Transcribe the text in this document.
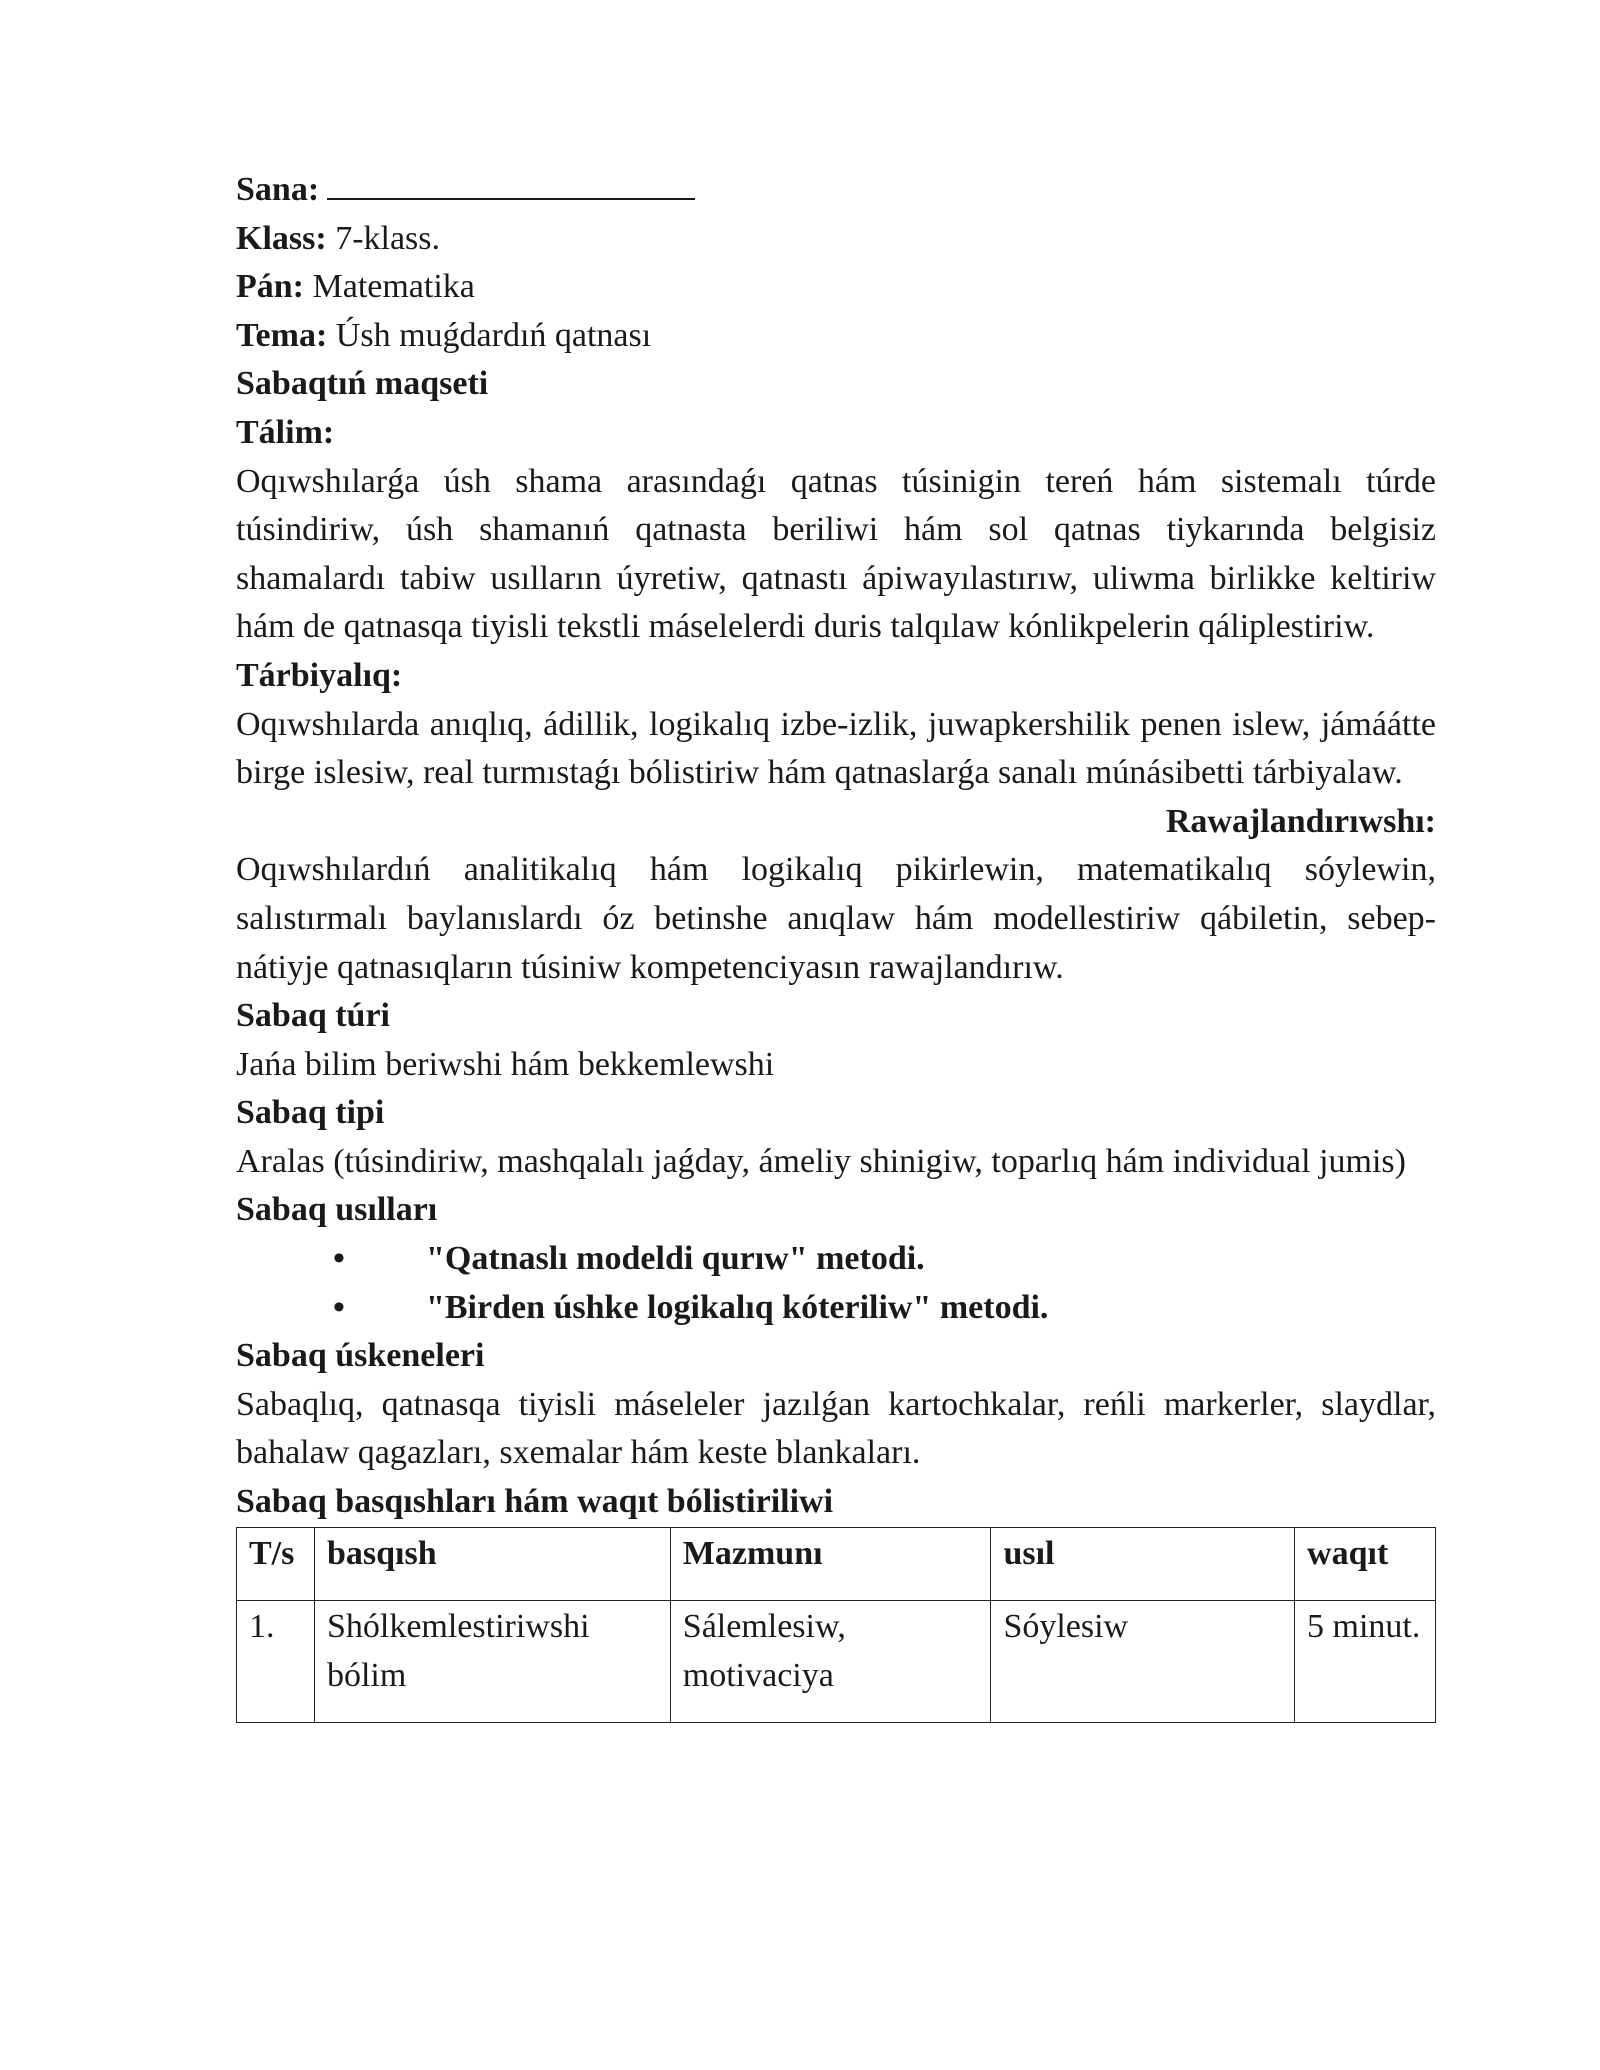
Sana:

Klass: 7-klass.

Pán: Matematika

Tema: Úsh muǵdardıń qatnası

Sabaqtıń maqseti

Tálim:

Oqıwshılarǵa úsh shama arasındaǵı qatnas túsinigin tereń hám sistemalı túrde túsindiriw, úsh shamanıń qatnasta beriliwi hám sol qatnas tiykarında belgisiz shamalardı tabiw usılların úyretiw, qatnastı ápiwayılastırıw, uliwma birlikke keltiriw hám de qatnasqa tiyisli tekstli máselelerdi duris talqılaw kónlikpelerin qáliplestiriw.

Tárbiyalıq:

Oqıwshılarda anıqlıq, ádillik, logikalıq izbe-izlik, juwapkershilik penen islew, jámáátte birge islesiw, real turmıstaǵı bólistiriw hám qatnaslarǵa sanalı múnásibetti tárbiyalaw.

Rawajlandırıwshı:

Oqıwshılardıń analitikalıq hám logikalıq pikirlewin, matematikalıq sóylewin, salıstırmalı baylanıslardı óz betinshe anıqlaw hám modellestiriw qábiletin, sebep-nátiyje qatnasıqların túsiniw kompetenciyasın rawajlandırıw.

Sabaq túri

Jańa bilim beriwshi hám bekkemlewshi

Sabaq tipi

Aralas (túsindiriw, mashqalalı jaǵday, ámeliy shinigiw, toparlıq hám individual jumis)

Sabaq usılları

• "Qatnaslı modeldi qurıw" metodi.
• "Birden úshke logikalıq kóteriliw" metodi.

Sabaq úskeneleri

Sabaqlıq, qatnasqa tiyisli máseleler jazılǵan kartochkalar, reńli markerler, slaydlar, bahalaw qagazları, sxemalar hám keste blankaları.

Sabaq basqıshları hám waqıt bólistiriliwi

T/s	basqısh	Mazmunı	usıl	waqıt
1.	Shólkemlestiriwshi bólim	Sálemlesiw, motivaciya	Sóylesiw	5 minut.
